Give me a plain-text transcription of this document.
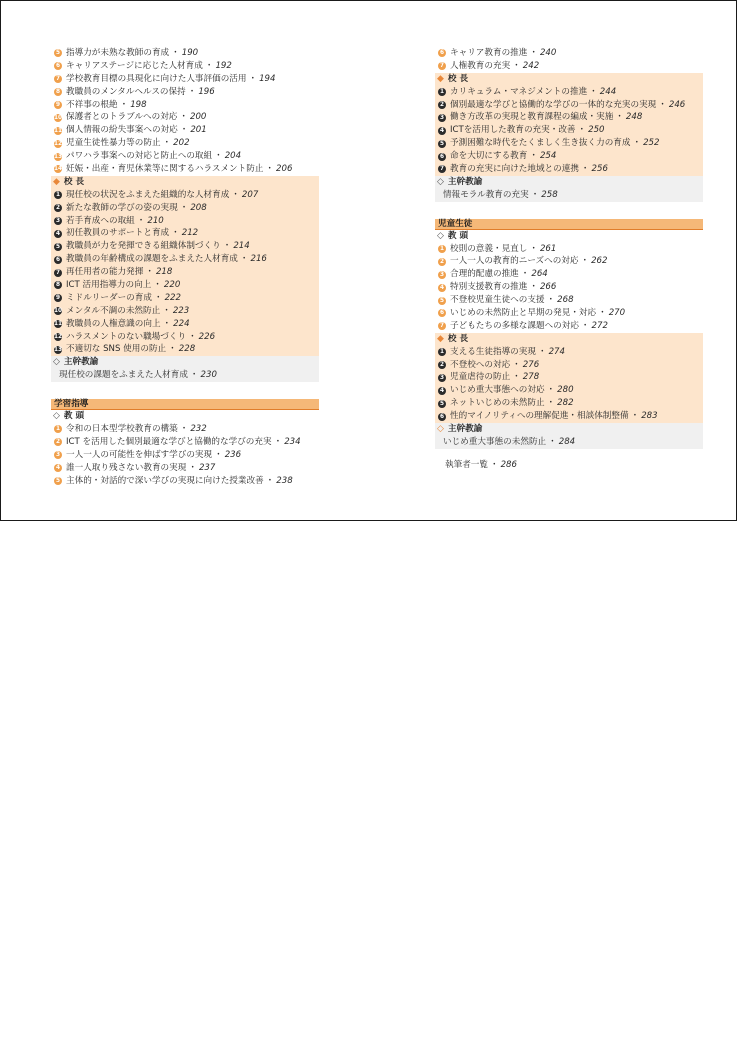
5 指導力が未熟な教師の育成 ・ 190
6 キャリアステージに応じた人材育成 ・ 192
7 学校教育目標の具現化に向けた人事評価の活用 ・ 194
8 教職員のメンタルヘルスの保持 ・ 196
9 不祥事の根絶 ・ 198
10 保護者とのトラブルへの対応 ・ 200
11 個人情報の紛失事案への対応 ・ 201
12 児童生徒性暴力等の防止 ・ 202
13 パワハラ事案への対応と防止への取組 ・ 204
14 妊娠・出産・育児休業等に関するハラスメント防止 ・ 206
◆ 校 長
1 現任校の状況をふまえた組織的な人材育成 ・ 207
2 新たな教師の学びの姿の実現 ・ 208
3 若手育成への取組 ・ 210
4 初任教員のサポートと育成 ・ 212
5 教職員が力を発揮できる組織体制づくり ・ 214
6 教職員の年齢構成の課題をふまえた人材育成 ・ 216
7 再任用者の能力発揮 ・ 218
8 ICT 活用指導力の向上 ・ 220
9 ミドルリーダーの育成 ・ 222
10 メンタル不調の未然防止 ・ 223
11 教職員の人権意識の向上 ・ 224
12 ハラスメントのない職場づくり ・ 226
13 不適切な SNS 使用の防止 ・ 228
◇ 主幹教諭
現任校の課題をふまえた人材育成 ・ 230
学習指導
◇ 教 頭
1 令和の日本型学校教育の構築 ・ 232
2 ICT を活用した個別最適な学びと協働的な学びの充実 ・ 234
3 一人一人の可能性を伸ばす学びの実現 ・ 236
4 誰一人取り残さない教育の実現 ・ 237
5 主体的・対話的で深い学びの実現に向けた授業改善 ・ 238
6 キャリア教育の推進 ・ 240
7 人権教育の充実 ・ 242
◆ 校 長
1 カリキュラム・マネジメントの推進 ・ 244
2 個別最適な学びと協働的な学びの一体的な充実の実現 ・ 246
3 働き方改革の実現と教育課程の編成・実施 ・ 248
4 ICTを活用した教育の充実・改善 ・ 250
5 予測困難な時代をたくましく生き抜く力の育成 ・ 252
6 命を大切にする教育 ・ 254
7 教育の充実に向けた地域との連携 ・ 256
◇ 主幹教諭
情報モラル教育の充実 ・ 258
児童生徒
◇ 教 頭
1 校則の意義・見直し ・ 261
2 一人一人の教育的ニーズへの対応 ・ 262
3 合理的配慮の推進 ・ 264
4 特別支援教育の推進 ・ 266
5 不登校児童生徒への支援 ・ 268
6 いじめの未然防止と早期の発見・対応 ・ 270
7 子どもたちの多様な課題への対応 ・ 272
◆ 校 長
1 支える生徒指導の実現 ・ 274
2 不登校への対応 ・ 276
3 児童虐待の防止 ・ 278
4 いじめ重大事態への対応 ・ 280
5 ネットいじめの未然防止 ・ 282
6 性的マイノリティへの理解促進・相談体制整備 ・ 283
◇ 主幹教諭
いじめ重大事態の未然防止 ・ 284
執筆者一覧 ・ 286
